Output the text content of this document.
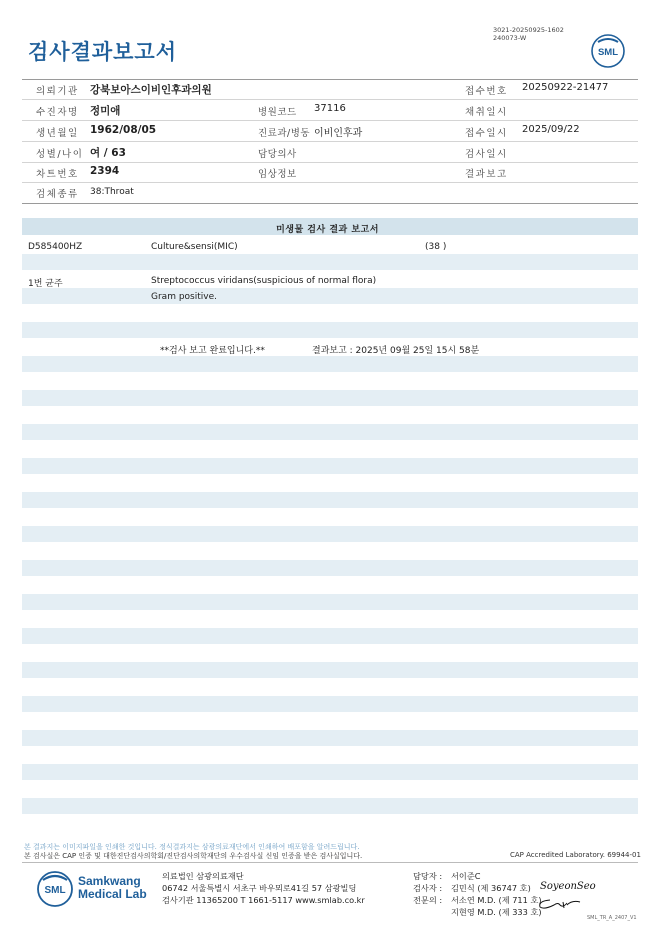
검사결과보고서
3021-20250925-1602
240073-W
SML
의뢰기관 강북보아스이비인후과의원	접수번호 20250922-21477
수진자명 정미애	병원코드 37116	채취일시
생년월일 1962/08/05	진료과/병동 이비인후과	접수일시 2025/09/22
성별/나이 여 / 63	담당의사	검사일시
차트번호 2394	임상정보	결과보고
검체종류 38:Throat
미생물 검사 결과 보고서
D585400HZ	Culture&sensi(MIC)	(38 )
1번 균주	Streptococcus viridans(suspicious of normal flora)
Gram positive.
**검사 보고 완료입니다.**	결과보고 : 2025년 09월 25일 15시 58분
본 결과지는 이미지파일을 인쇄한 것입니다. 정식결과지는 삼광의료재단에서 인쇄하여 배포함을 알려드립니다.
본 검사실은 CAP 인증 및 대한진단검사의학회/진단검사의학재단의 우수검사실 신임 인증을 받은 검사실입니다.	CAP Accredited Laboratory. 69944-01
SML
Samkwang
Medical Lab
의료법인 삼광의료재단
06742 서울특별시 서초구 바우뫼로41길 57 삼광빌딩
검사기관 11365200 T 1661-5117 www.smlab.co.kr
담당자 : 서이준C
검사자 : 김민식 (제 36747 호)
전문의 : 서소연 M.D. (제 711 호)
지현영 M.D. (제 333 호)
SoyeonSeo
SML_TR_A_2407_V1
